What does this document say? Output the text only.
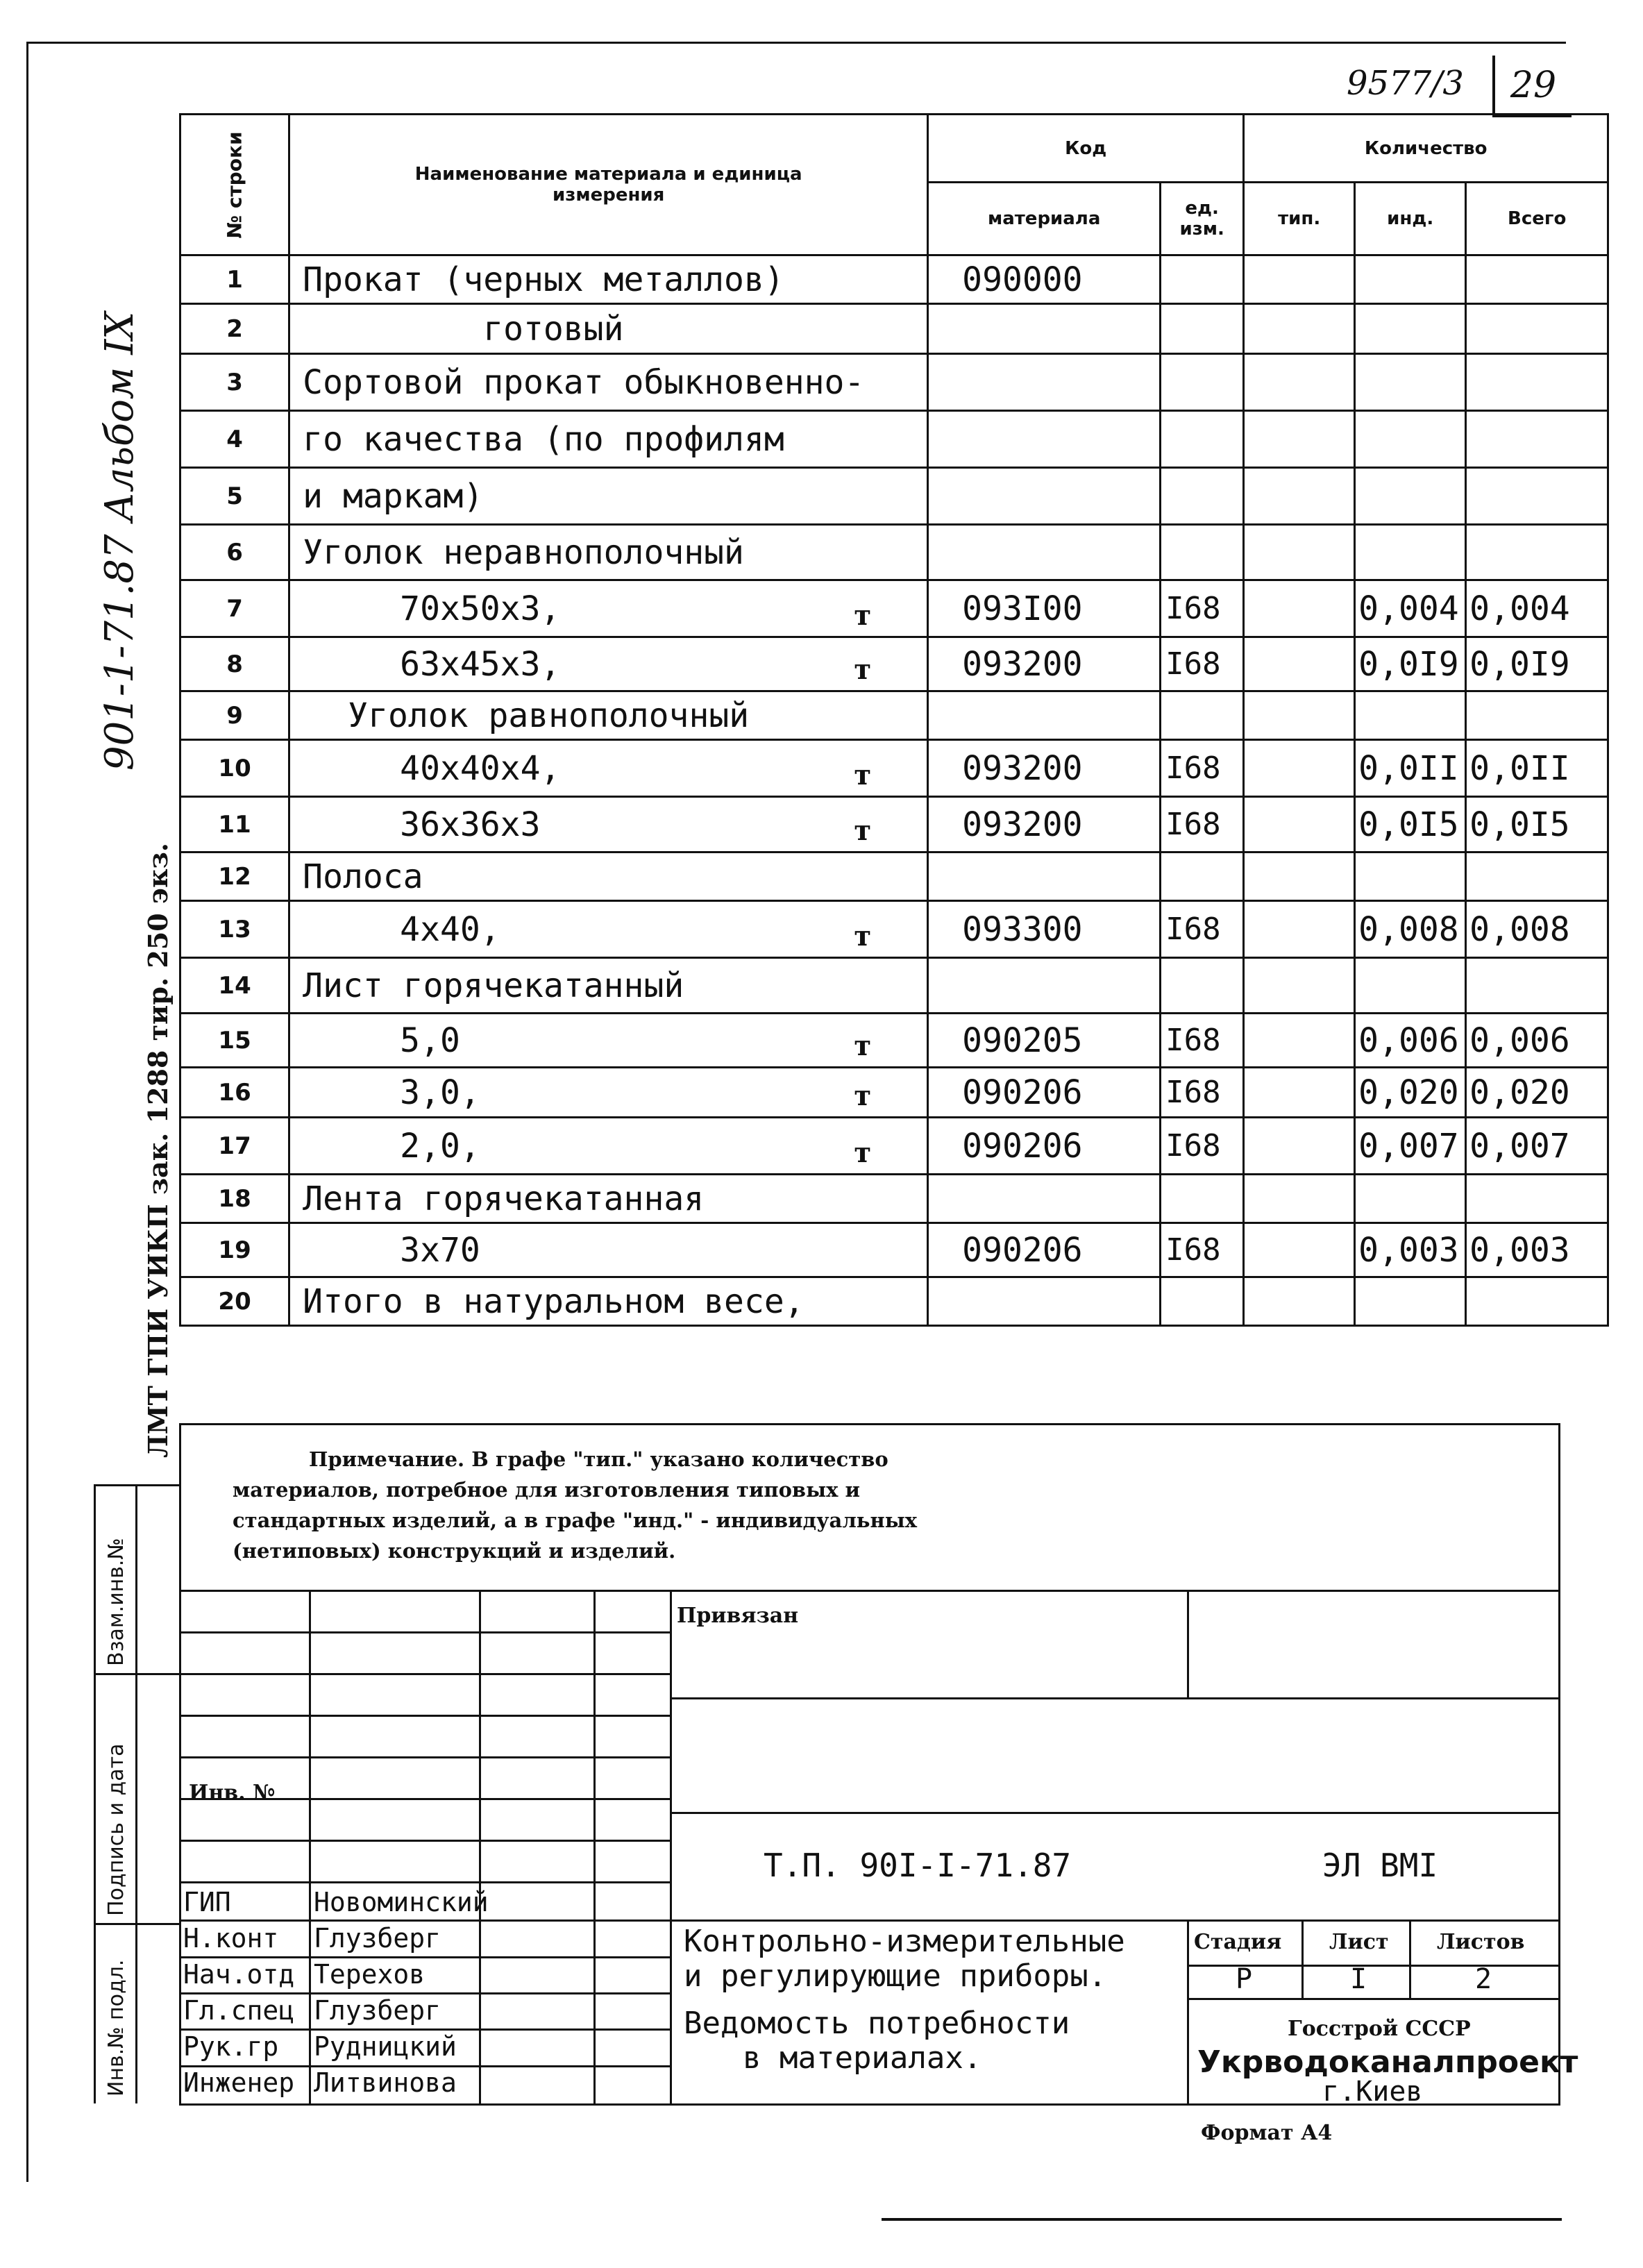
9577/3	29
901-1-71.87 Альбом IX
ЛМТ ГПИ УИКП зак. 1288 тир. 250 экз.
Взам.инв.№
Подпись и дата
Инв.№ подл.
№ строки	Наименование материала и единица измерения	Код		Количество			
		материала	ед. изм.	тип.	инд.	Всего	
1	Прокат (черных металлов)	090000					
2	готовый	

3	Сортовой прокат обыкновенно-	

4	го качества (по профилям	

5	и маркам)	

6	Уголок неравнополочный	

7	70х50х3, т	093I00	I68		0,004	0,004	
8	63х45х3, т	093200	I68		0,0I9	0,0I9	
9	Уголок равнополочный	

10	40х40х4, т	093200	I68		0,0II	0,0II	
11	36х36х3 т	093200	I68		0,0I5	0,0I5	
12	Полоса	

13	4х40, т	093300	I68		0,008	0,008	
14	Лист горячекатанный	

15	5,0 т	090205	I68		0,006	0,006	
16	3,0, т	090206	I68		0,020	0,020	
17	2,0, т	090206	I68		0,007	0,007	
18	Лента горячекатанная	

19	3х70	090206	I68		0,003	0,003	
20	Итого в натуральном весе,	

Примечание. В графе "тип." указано количество
материалов, потребное для изготовления типовых и
стандартных изделий, а в графе "инд." - индивидуальных
(нетиповых) конструкций и изделий.
Привязан
Инв. №
ГИП	Новоминский
Н.конт Глузберг
Нач.отд Терехов
Гл.спец Глузберг
Рук.гр Рудницкий
Инженер Литвинова
Т.П. 90I-I-71.87	ЭЛ ВМI
Контрольно-измерительные
и регулирующие приборы.
Ведомость потребности
в материалах.
Стадия Лист Листов
Р	I	2
Госстрой СССР
Укрводоканалпроект
г.Киев
Формат А4
